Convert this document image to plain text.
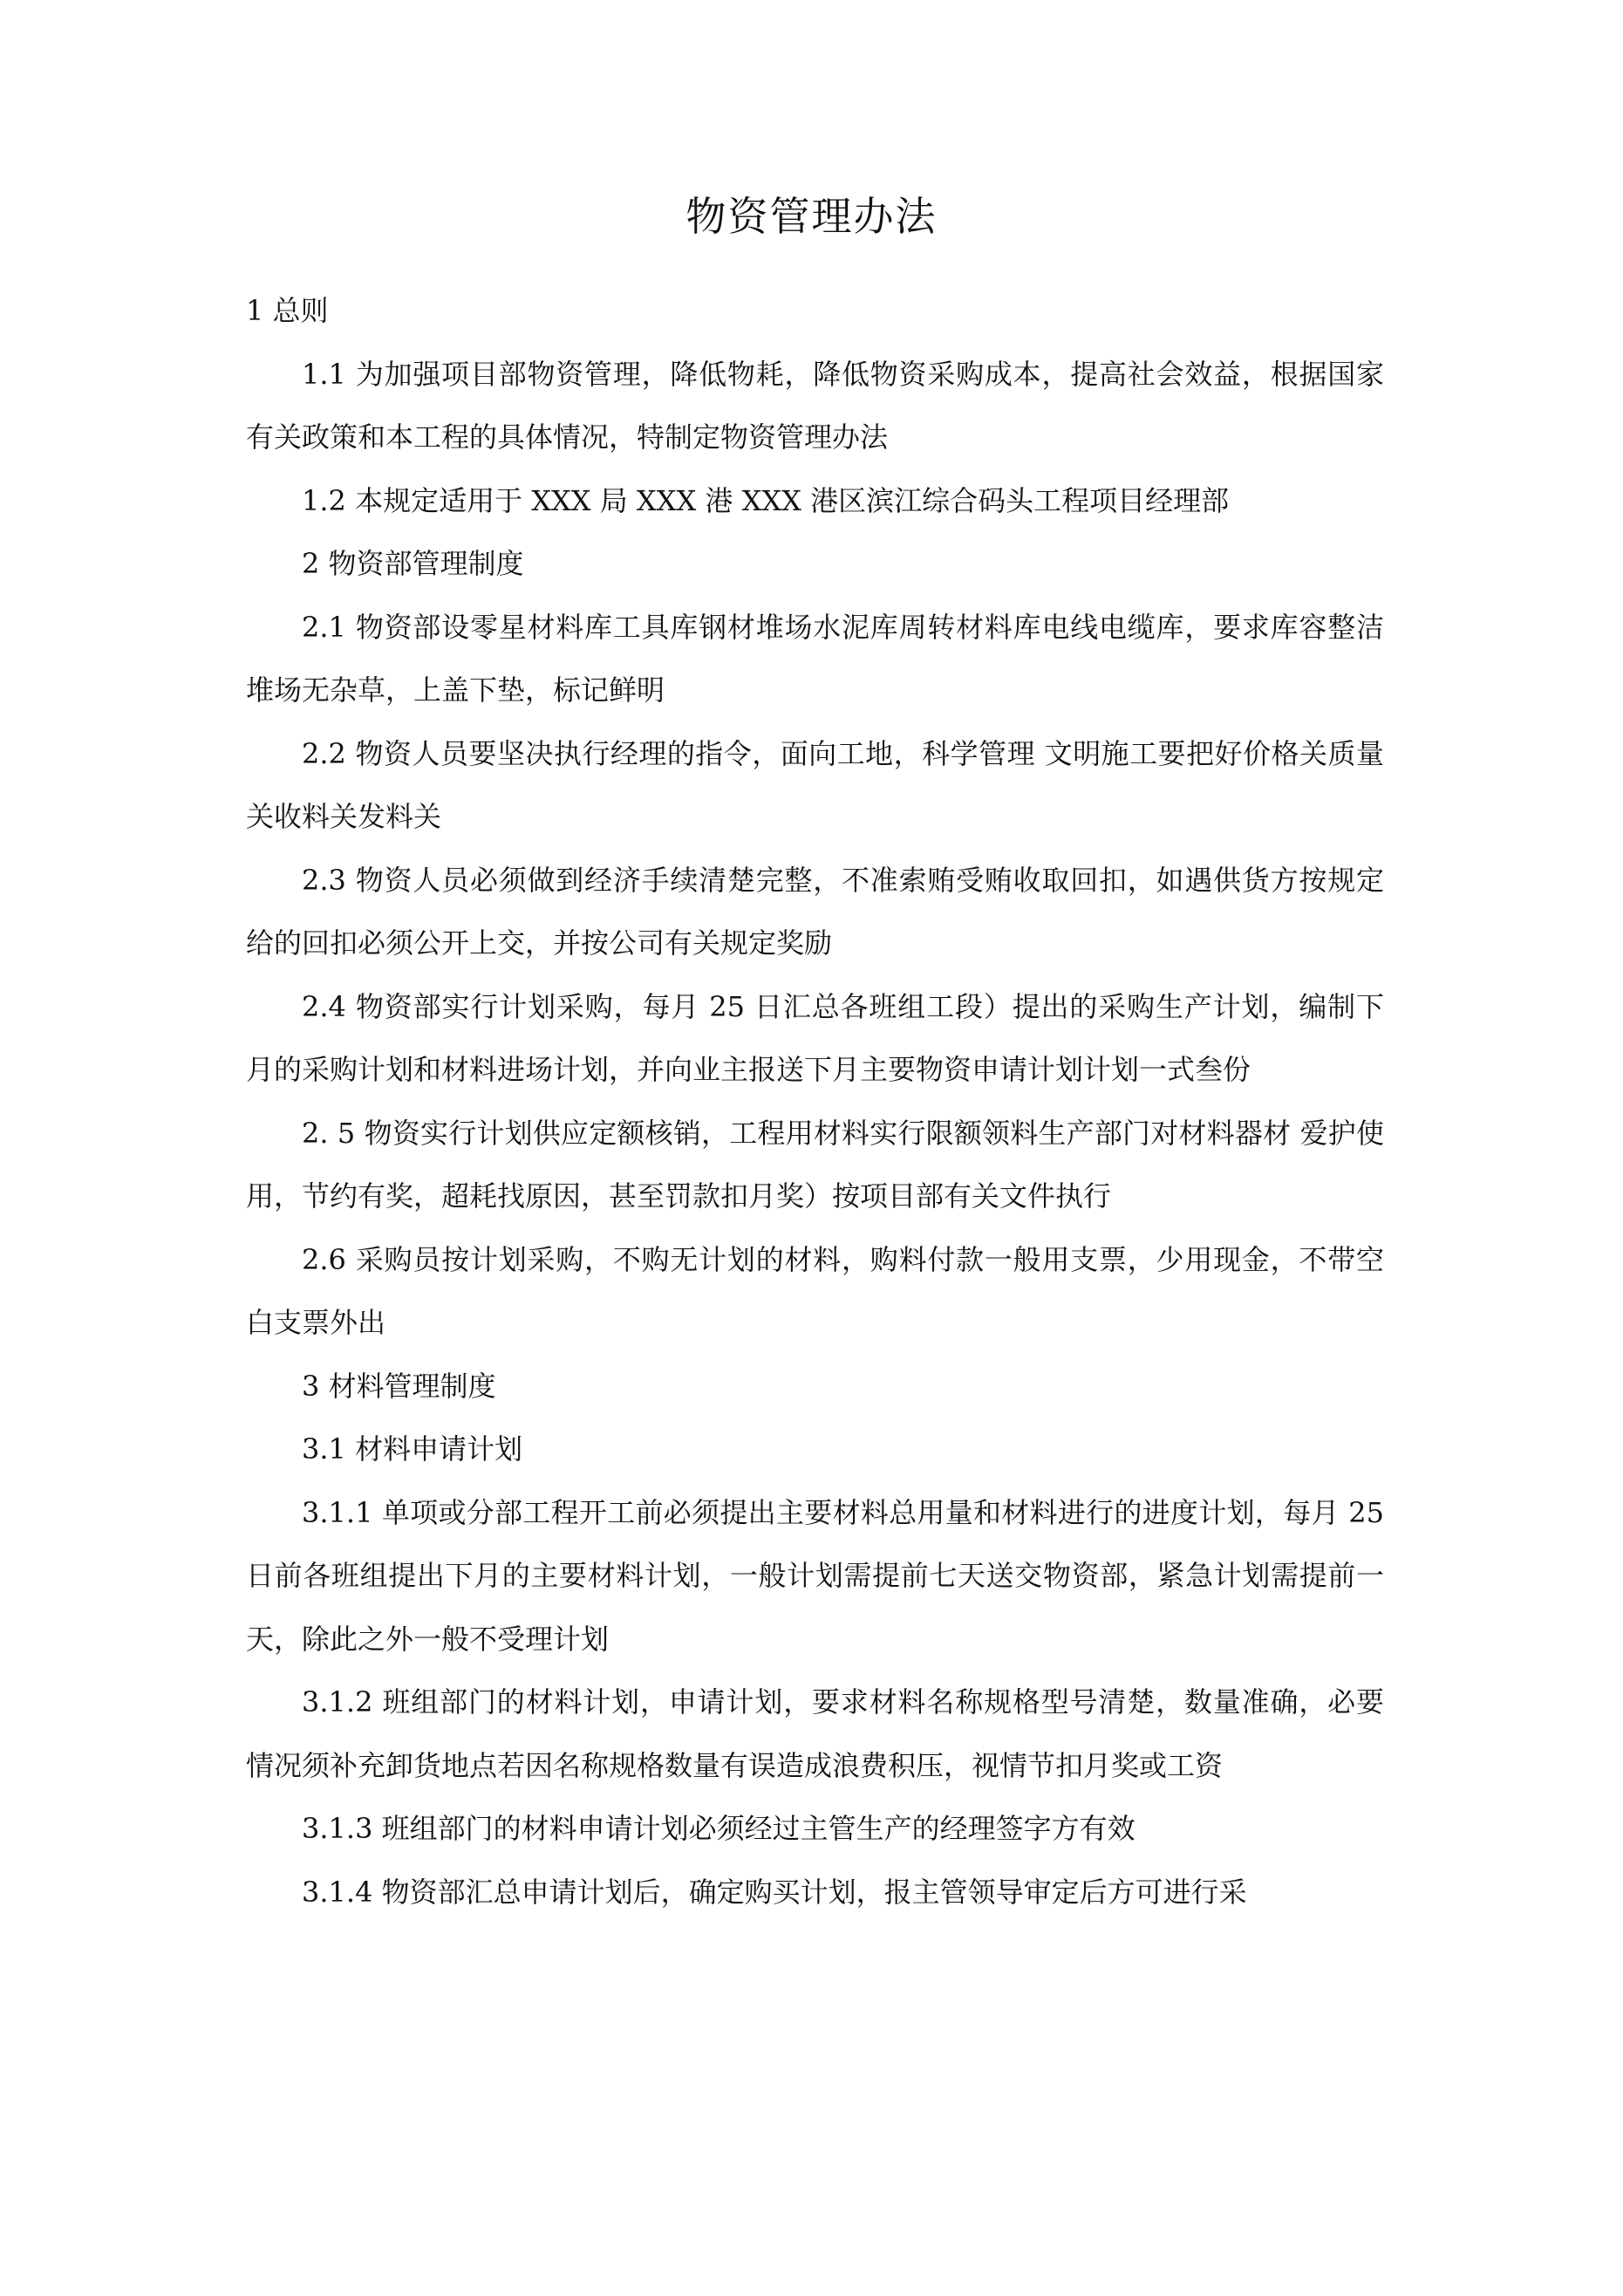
物资管理办法

1 总则

1.1 为加强项目部物资管理，降低物耗，降低物资采购成本，提高社会效益，根据国家有关政策和本工程的具体情况，特制定物资管理办法

1.2 本规定适用于 XXX 局 XXX 港 XXX 港区滨江综合码头工程项目经理部

2 物资部管理制度

2.1 物资部设零星材料库工具库钢材堆场水泥库周转材料库电线电缆库，要求库容整洁堆场无杂草，上盖下垫，标记鲜明

2.2 物资人员要坚决执行经理的指令，面向工地，科学管理 文明施工要把好价格关质量关收料关发料关

2.3 物资人员必须做到经济手续清楚完整，不准索贿受贿收取回扣，如遇供货方按规定给的回扣必须公开上交，并按公司有关规定奖励

2.4 物资部实行计划采购，每月 25 日汇总各班组工段）提出的采购生产计划，编制下月的采购计划和材料进场计划，并向业主报送下月主要物资申请计划计划一式叁份

2. 5 物资实行计划供应定额核销，工程用材料实行限额领料生产部门对材料器材 爱护使用，节约有奖，超耗找原因，甚至罚款扣月奖）按项目部有关文件执行

2.6 采购员按计划采购，不购无计划的材料，购料付款一般用支票，少用现金，不带空白支票外出

3 材料管理制度

3.1 材料申请计划

3.1.1 单项或分部工程开工前必须提出主要材料总用量和材料进行的进度计划，每月 25 日前各班组提出下月的主要材料计划，一般计划需提前七天送交物资部，紧急计划需提前一天，除此之外一般不受理计划

3.1.2 班组部门的材料计划，申请计划，要求材料名称规格型号清楚，数量准确，必要情况须补充卸货地点若因名称规格数量有误造成浪费积压，视情节扣月奖或工资

3.1.3 班组部门的材料申请计划必须经过主管生产的经理签字方有效

3.1.4 物资部汇总申请计划后，确定购买计划，报主管领导审定后方可进行采
